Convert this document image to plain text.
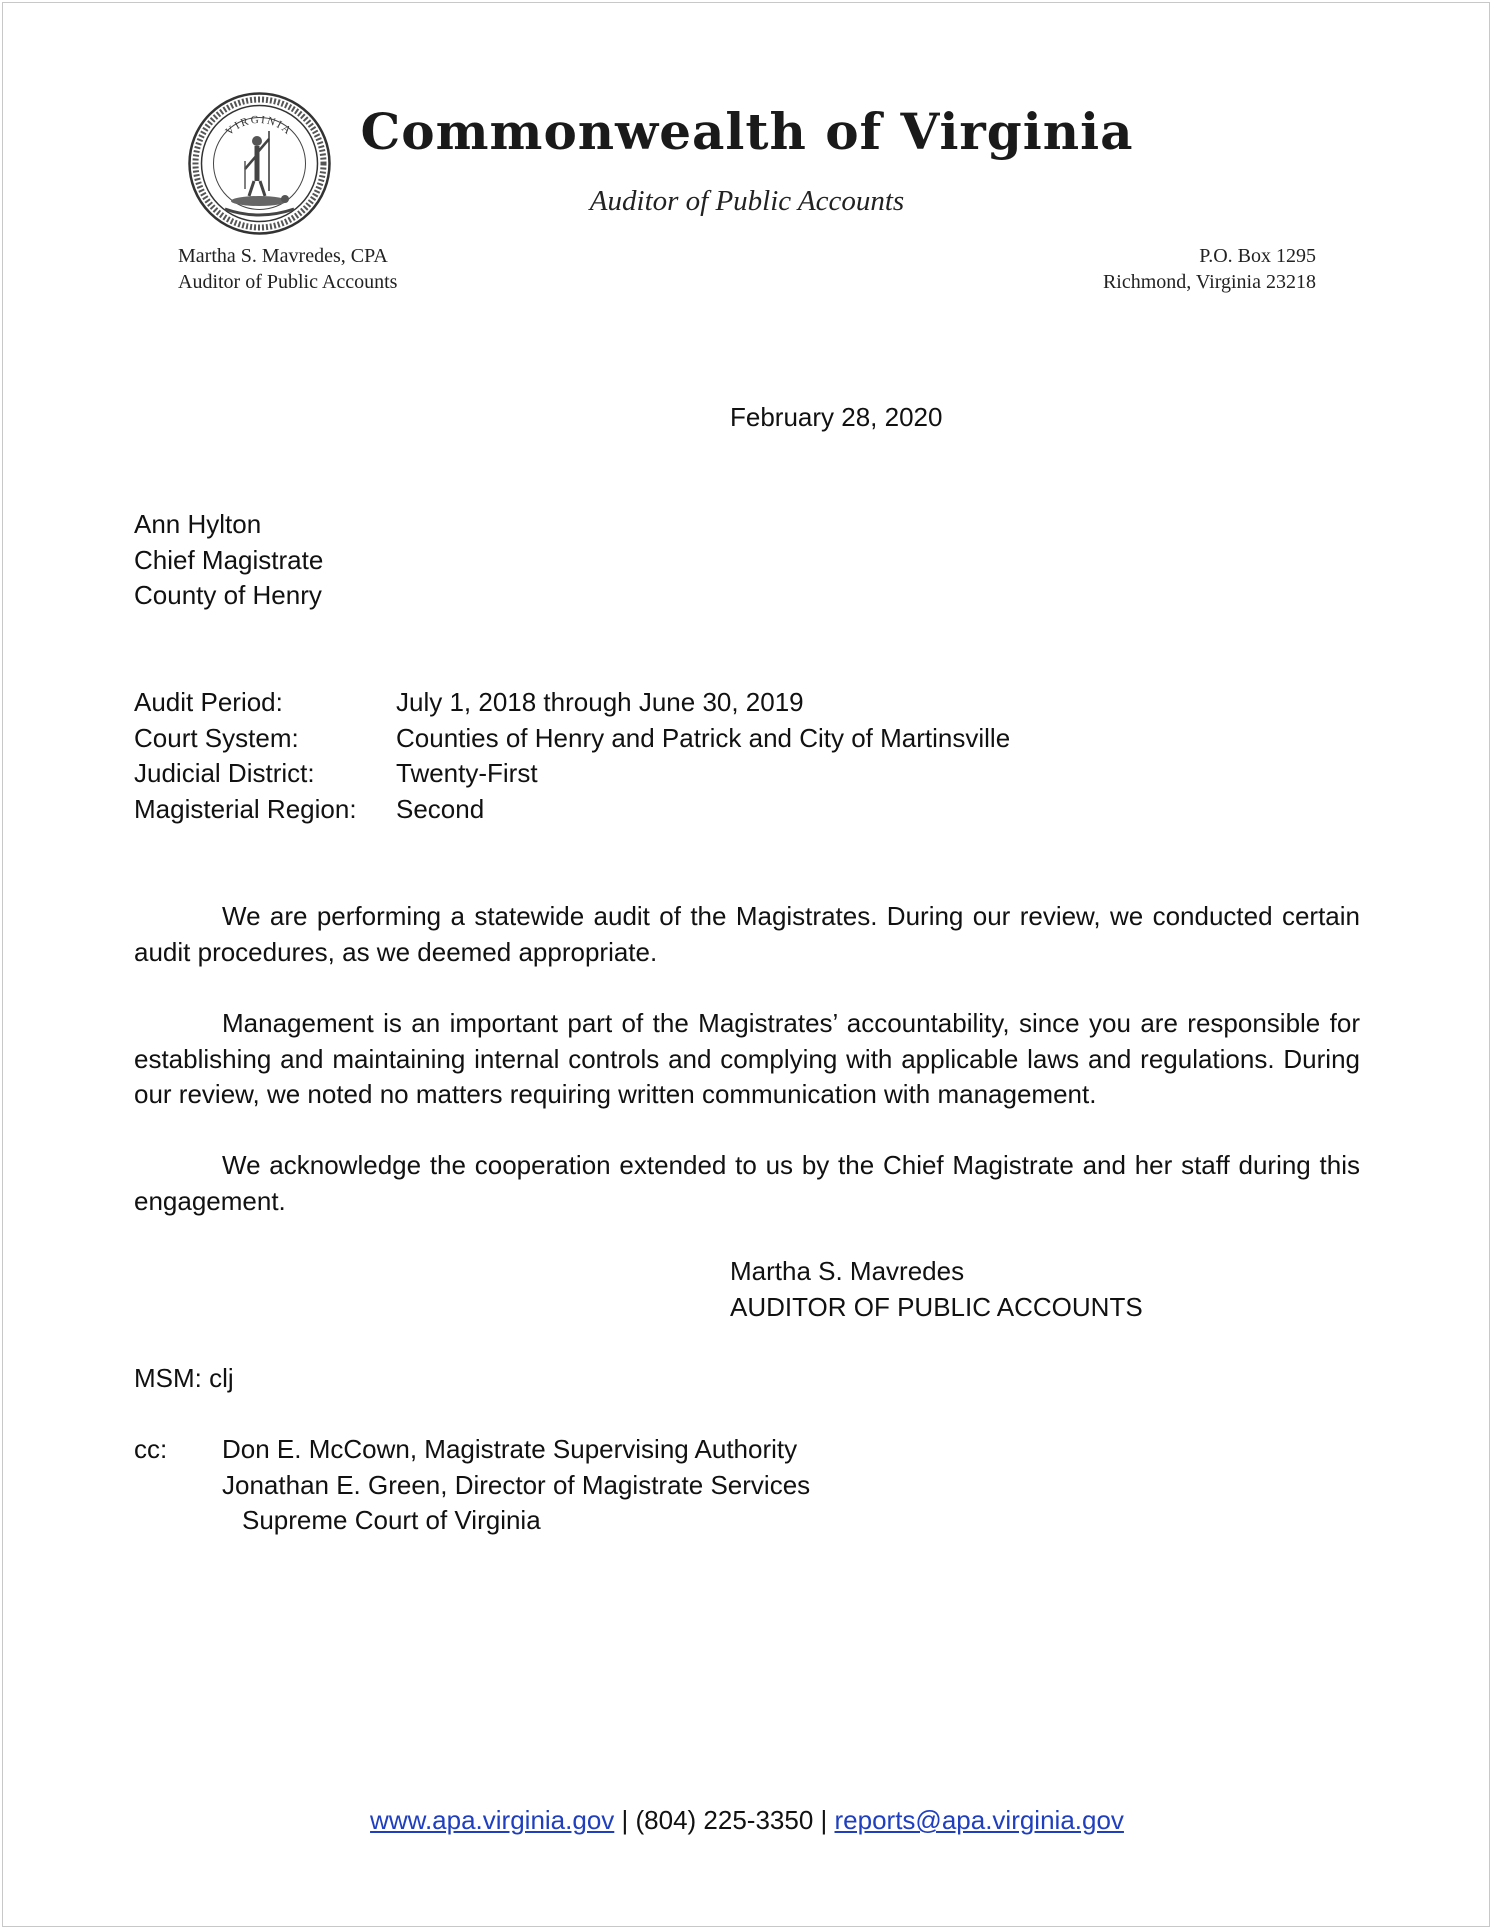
VIRGINIA	Commonwealth of Virginia
Auditor of Public Accounts
Martha S. Mavredes, CPA
Auditor of Public Accounts
P.O. Box 1295
Richmond, Virginia 23218
February 28, 2020
Ann Hylton
Chief Magistrate
County of Henry
Audit Period:	July 1, 2018 through June 30, 2019
Court System:	Counties of Henry and Patrick and City of Martinsville
Judicial District:	Twenty-First
Magisterial Region:	Second

We are performing a statewide audit of the Magistrates. During our review, we conducted certain audit procedures, as we deemed appropriate.

Management is an important part of the Magistrates’ accountability, since you are responsible for establishing and maintaining internal controls and complying with applicable laws and regulations. During our review, we noted no matters requiring written communication with management.

We acknowledge the cooperation extended to us by the Chief Magistrate and her staff during this engagement.

Martha S. Mavredes
AUDITOR OF PUBLIC ACCOUNTS
MSM: clj
cc: Don E. McCown, Magistrate Supervising Authority
Jonathan E. Green, Director of Magistrate Services
Supreme Court of Virginia
www.apa.virginia.gov | (804) 225-3350 | reports@apa.virginia.gov
